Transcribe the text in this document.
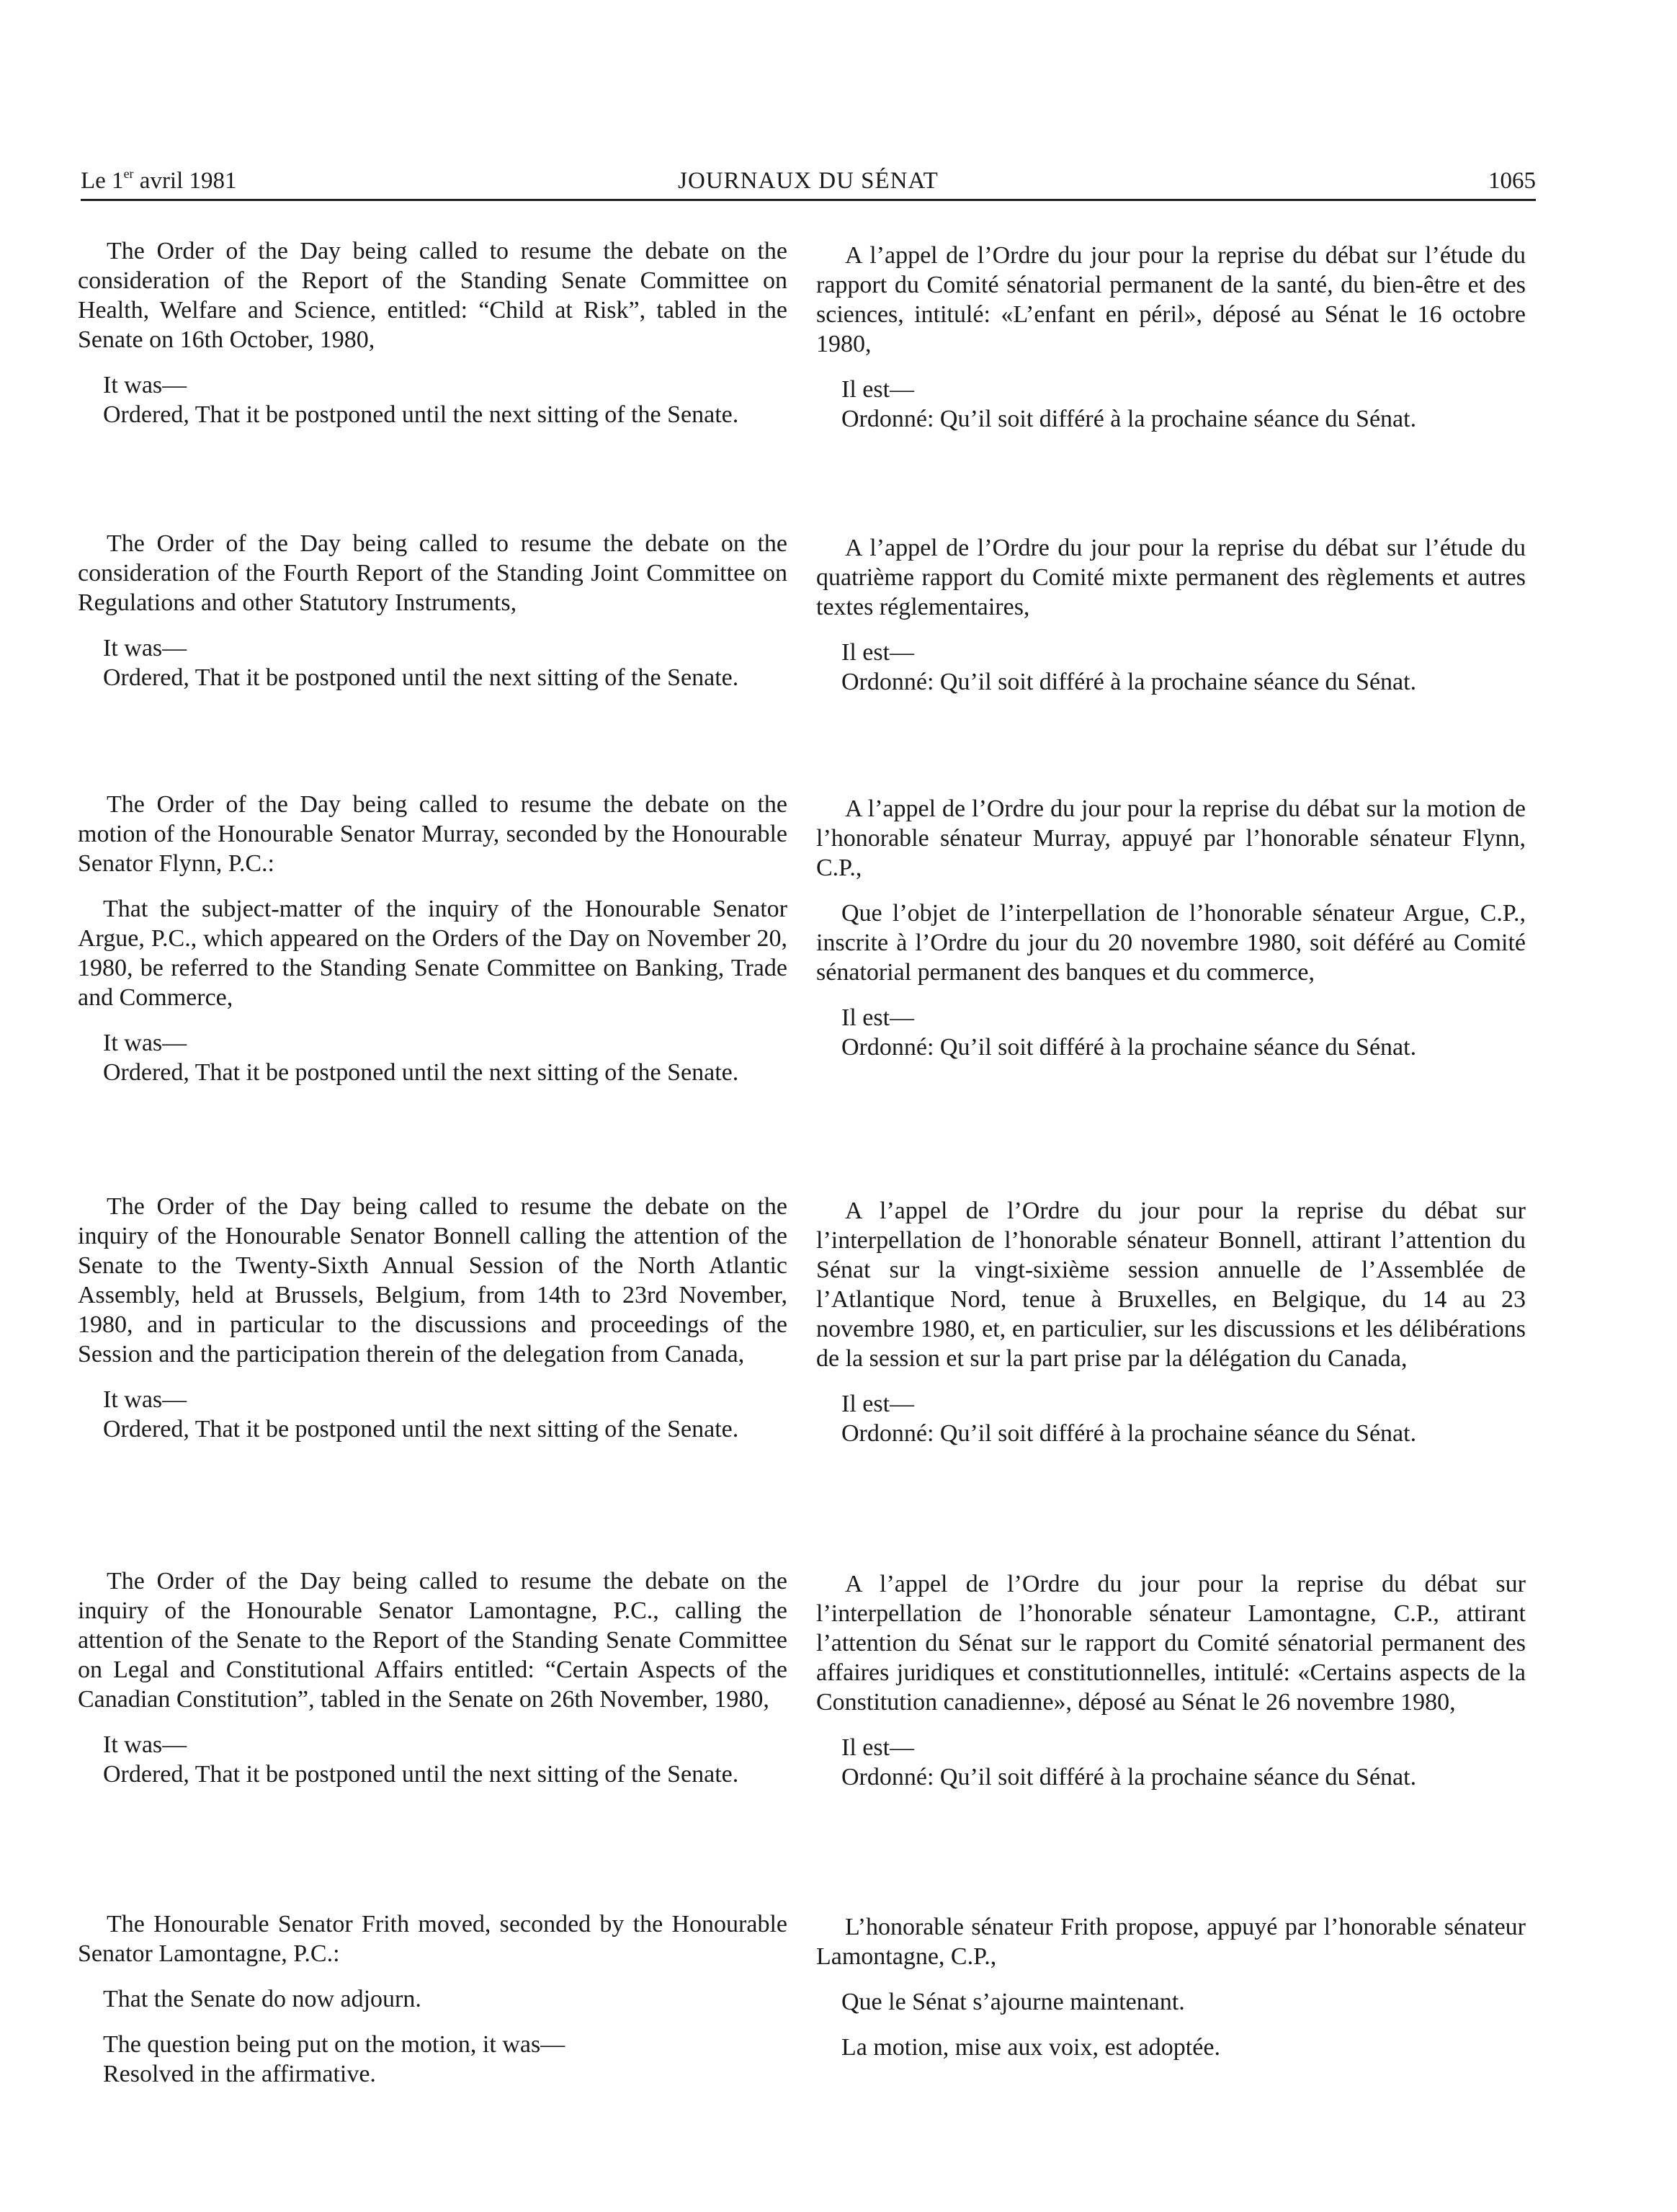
Le 1er avril 1981	JOURNAUX DU SÉNAT	1065

The Order of the Day being called to resume the debate on the consideration of the Report of the Standing Senate Committee on Health, Welfare and Science, entitled: “Child at Risk”, tabled in the Senate on 16th October, 1980,

It was—

Ordered, That it be postponed until the next sitting of the Senate.

The Order of the Day being called to resume the debate on the consideration of the Fourth Report of the Standing Joint Committee on Regulations and other Statutory Instruments,

It was—

Ordered, That it be postponed until the next sitting of the Senate.

The Order of the Day being called to resume the debate on the motion of the Honourable Senator Murray, seconded by the Honourable Senator Flynn, P.C.:

That the subject-matter of the inquiry of the Honourable Senator Argue, P.C., which appeared on the Orders of the Day on November 20, 1980, be referred to the Standing Senate Committee on Banking, Trade and Commerce,

It was—

Ordered, That it be postponed until the next sitting of the Senate.

The Order of the Day being called to resume the debate on the inquiry of the Honourable Senator Bonnell calling the attention of the Senate to the Twenty-Sixth Annual Session of the North Atlantic Assembly, held at Brussels, Belgium, from 14th to 23rd November, 1980, and in particular to the discussions and proceedings of the Session and the participation therein of the delegation from Canada,

It was—

Ordered, That it be postponed until the next sitting of the Senate.

The Order of the Day being called to resume the debate on the inquiry of the Honourable Senator Lamontagne, P.C., calling the attention of the Senate to the Report of the Standing Senate Committee on Legal and Constitutional Affairs entitled: “Certain Aspects of the Canadian Constitution”, tabled in the Senate on 26th November, 1980,

It was—

Ordered, That it be postponed until the next sitting of the Senate.

The Honourable Senator Frith moved, seconded by the Honourable Senator Lamontagne, P.C.:

That the Senate do now adjourn.

The question being put on the motion, it was—

Resolved in the affirmative.

A l’appel de l’Ordre du jour pour la reprise du débat sur l’étude du rapport du Comité sénatorial permanent de la santé, du bien-être et des sciences, intitulé: «L’enfant en péril», déposé au Sénat le 16 octobre 1980,

Il est—

Ordonné: Qu’il soit différé à la prochaine séance du Sénat.

A l’appel de l’Ordre du jour pour la reprise du débat sur l’étude du quatrième rapport du Comité mixte permanent des règlements et autres textes réglementaires,

Il est—

Ordonné: Qu’il soit différé à la prochaine séance du Sénat.

A l’appel de l’Ordre du jour pour la reprise du débat sur la motion de l’honorable sénateur Murray, appuyé par l’honorable sénateur Flynn, C.P.,

Que l’objet de l’interpellation de l’honorable sénateur Argue, C.P., inscrite à l’Ordre du jour du 20 novembre 1980, soit déféré au Comité sénatorial permanent des banques et du commerce,

Il est—

Ordonné: Qu’il soit différé à la prochaine séance du Sénat.

A l’appel de l’Ordre du jour pour la reprise du débat sur l’interpellation de l’honorable sénateur Bonnell, attirant l’attention du Sénat sur la vingt-sixième session annuelle de l’Assemblée de l’Atlantique Nord, tenue à Bruxelles, en Belgique, du 14 au 23 novembre 1980, et, en particulier, sur les discussions et les délibérations de la session et sur la part prise par la délégation du Canada,

Il est—

Ordonné: Qu’il soit différé à la prochaine séance du Sénat.

A l’appel de l’Ordre du jour pour la reprise du débat sur l’interpellation de l’honorable sénateur Lamontagne, C.P., attirant l’attention du Sénat sur le rapport du Comité sénatorial permanent des affaires juridiques et constitutionnelles, intitulé: «Certains aspects de la Constitution canadienne», déposé au Sénat le 26 novembre 1980,

Il est—

Ordonné: Qu’il soit différé à la prochaine séance du Sénat.

L’honorable sénateur Frith propose, appuyé par l’honorable sénateur Lamontagne, C.P.,

Que le Sénat s’ajourne maintenant.

La motion, mise aux voix, est adoptée.
